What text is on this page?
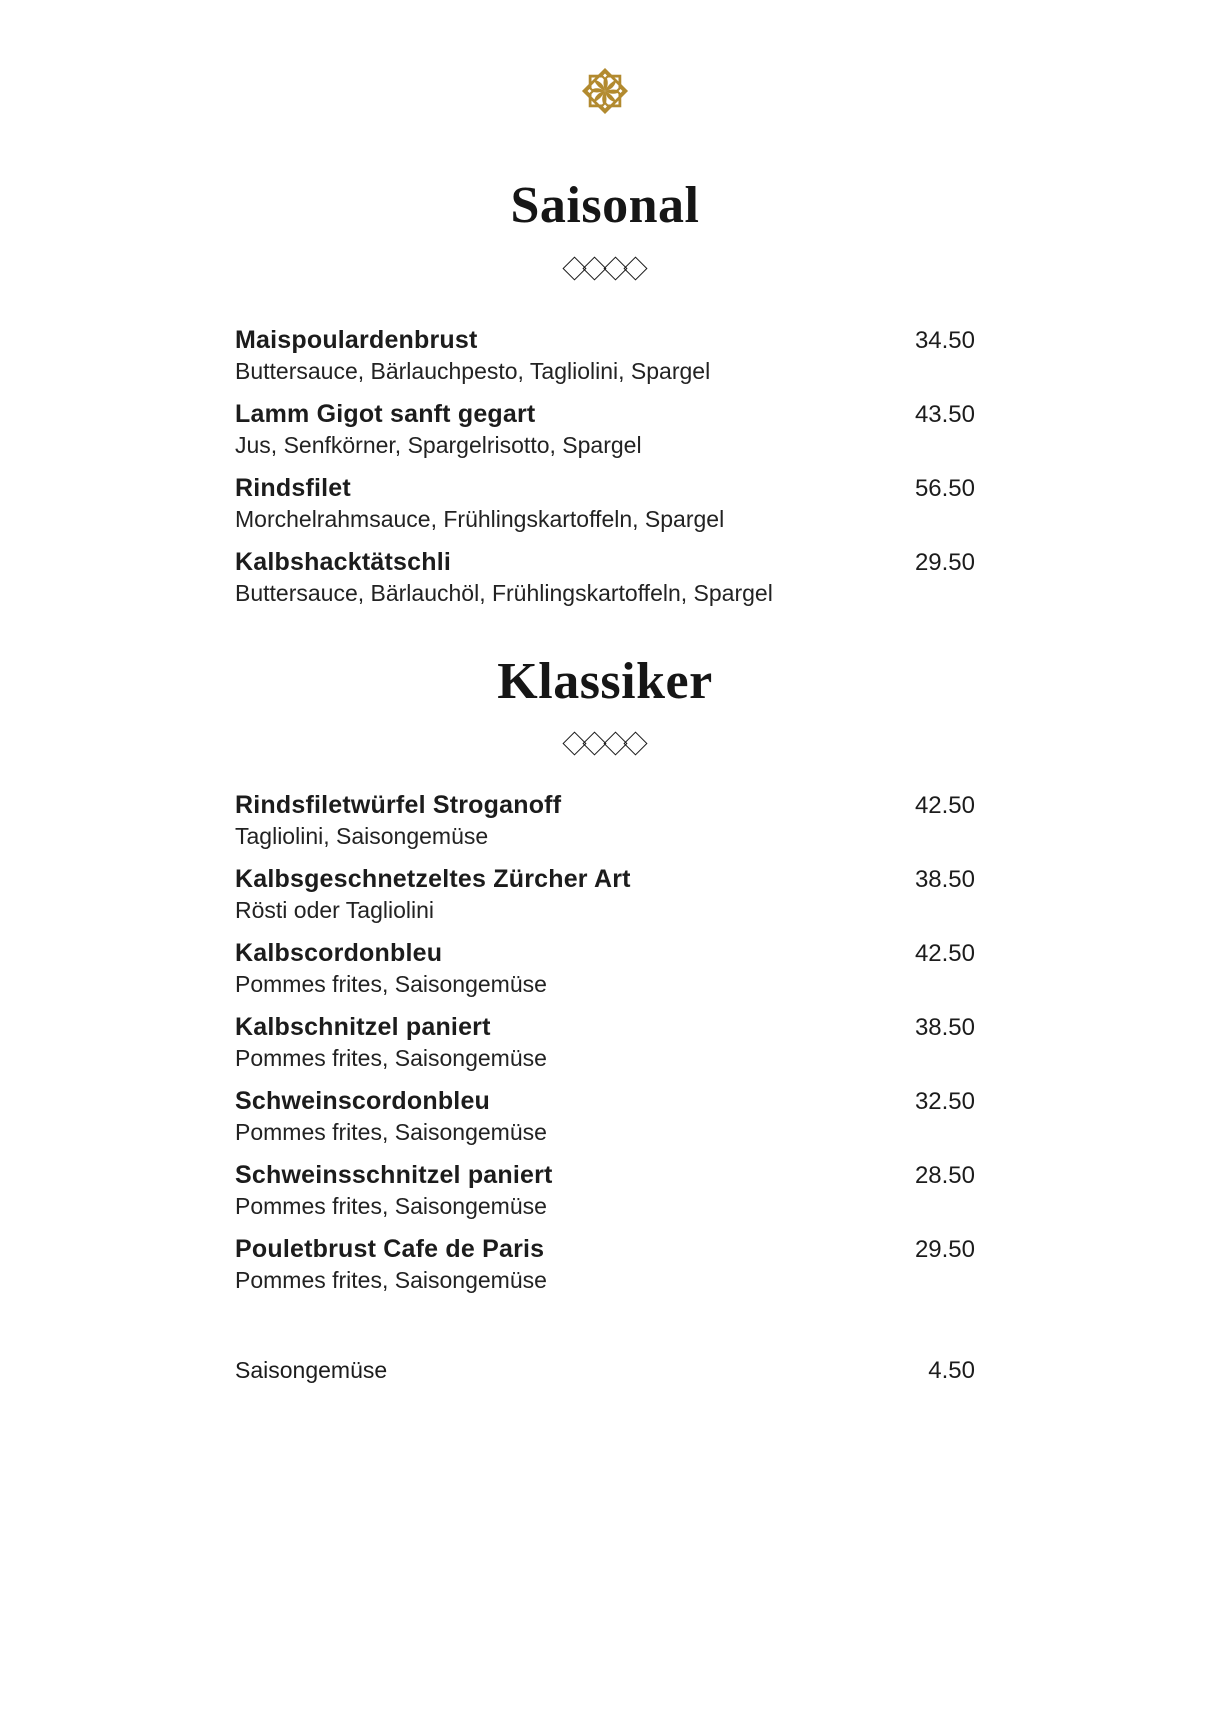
Saisonal
Maispoulardenbrust	34.50
Buttersauce, Bärlauchpesto, Tagliolini, Spargel
Lamm Gigot sanft gegart	43.50
Jus, Senfkörner, Spargelrisotto, Spargel
Rindsfilet	56.50
Morchelrahmsauce, Frühlingskartoffeln, Spargel
Kalbshacktätschli	29.50
Buttersauce, Bärlauchöl, Frühlingskartoffeln, Spargel
Klassiker
Rindsfiletwürfel Stroganoff	42.50
Tagliolini, Saisongemüse
Kalbsgeschnetzeltes Zürcher Art	38.50
Rösti oder Tagliolini
Kalbscordonbleu	42.50
Pommes frites, Saisongemüse
Kalbschnitzel paniert	38.50
Pommes frites, Saisongemüse
Schweinscordonbleu	32.50
Pommes frites, Saisongemüse
Schweinsschnitzel paniert	28.50
Pommes frites, Saisongemüse
Pouletbrust Cafe de Paris	29.50
Pommes frites, Saisongemüse
Saisongemüse	4.50
